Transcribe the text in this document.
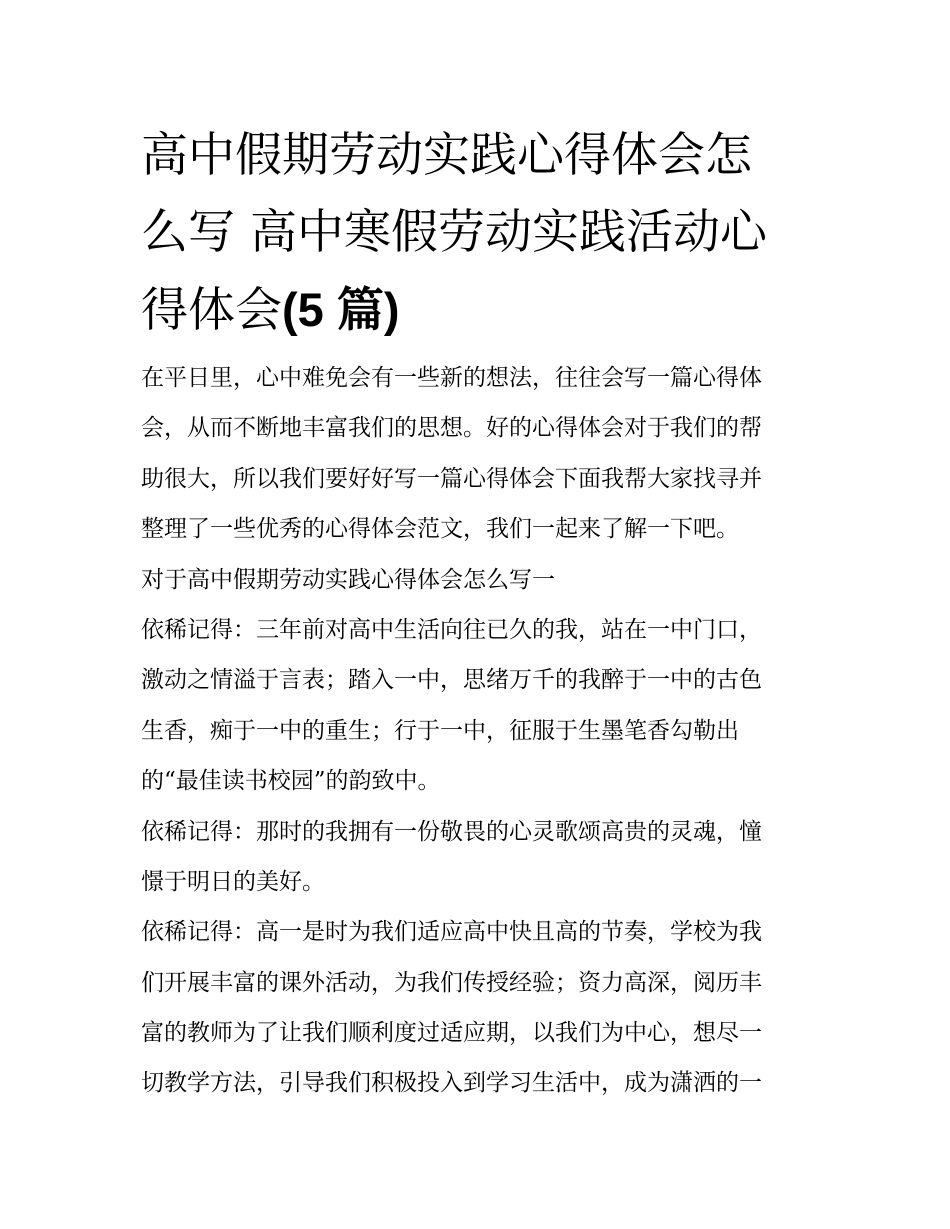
高中假期劳动实践心得体会怎
么写 高中寒假劳动实践活动心
得体会(5 篇)
在平日里，心中难免会有一些新的想法，往往会写一篇心得体
会，从而不断地丰富我们的思想。好的心得体会对于我们的帮
助很大，所以我们要好好写一篇心得体会下面我帮大家找寻并
整理了一些优秀的心得体会范文，我们一起来了解一下吧。
对于高中假期劳动实践心得体会怎么写一
依稀记得：三年前对高中生活向往已久的我，站在一中门口，
激动之情溢于言表；踏入一中，思绪万千的我醉于一中的古色
生香，痴于一中的重生；行于一中，征服于生墨笔香勾勒出
的“最佳读书校园”的韵致中。
依稀记得：那时的我拥有一份敬畏的心灵歌颂高贵的灵魂，憧
憬于明日的美好。
依稀记得：高一是时为我们适应高中快且高的节奏，学校为我
们开展丰富的课外活动，为我们传授经验；资力高深，阅历丰
富的教师为了让我们顺利度过适应期，以我们为中心，想尽一
切教学方法，引导我们积极投入到学习生活中，成为潇洒的一
